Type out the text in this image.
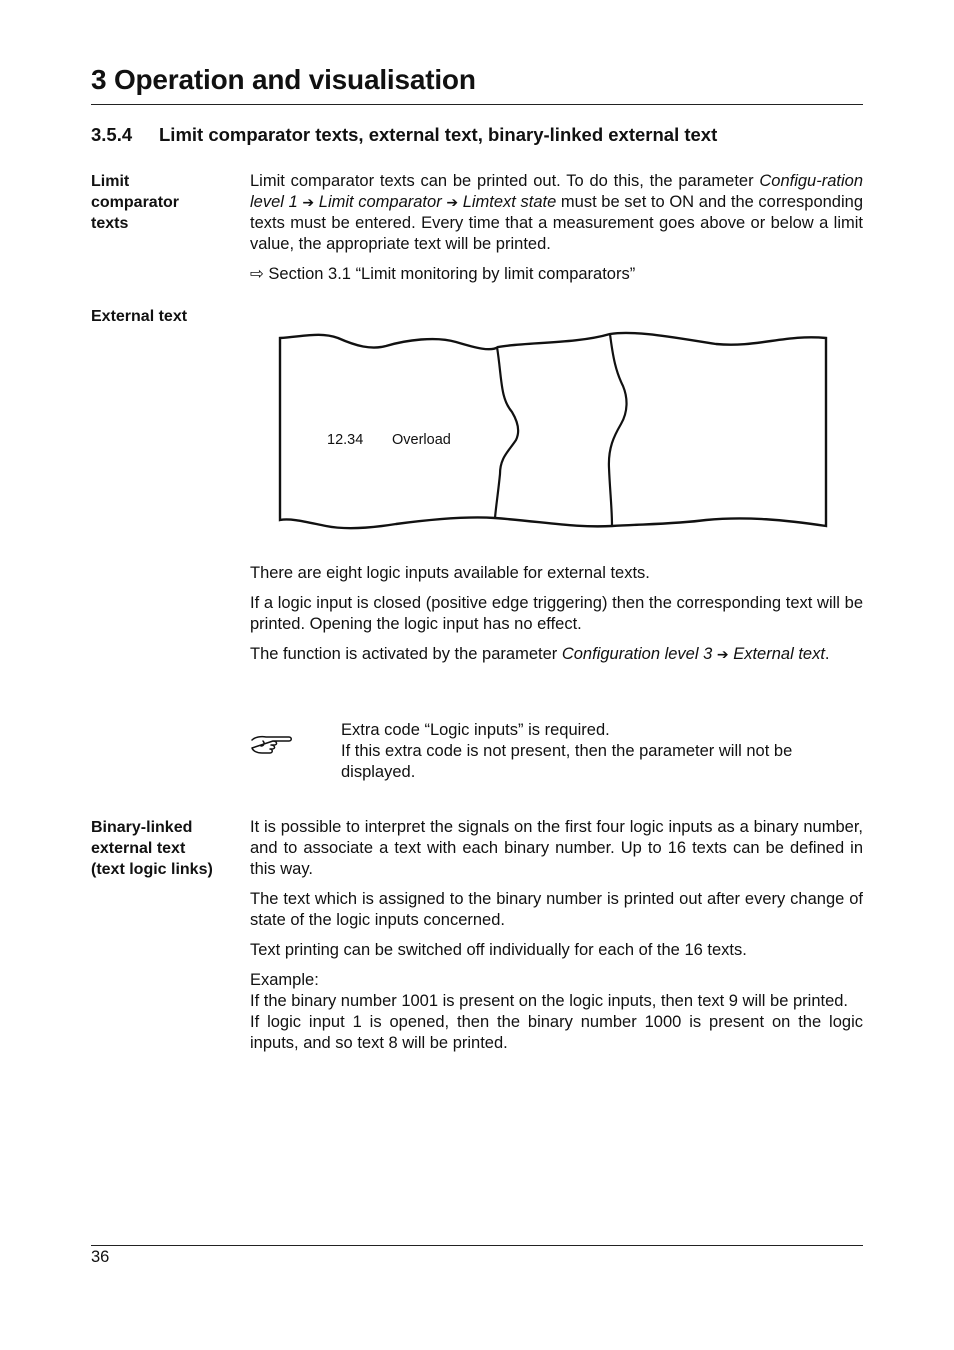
3 Operation and visualisation
3.5.4 Limit comparator texts, external text, binary-linked external text
Limit
comparator
texts

Limit comparator texts can be printed out. To do this, the parameter Configu-ration level 1 ➔ Limit comparator ➔ Limtext state must be set to ON and the corresponding texts must be entered. Every time that a measurement goes above or below a limit value, the appropriate text will be printed.

⇨ Section 3.1 “Limit monitoring by limit comparators”
External text
12.34 Overload

There are eight logic inputs available for external texts.

If a logic input is closed (positive edge triggering) then the corresponding text will be printed. Opening the logic input has no effect.

The function is activated by the parameter Configuration level 3 ➔ External text.

Extra code “Logic inputs” is required.
If this extra code is not present, then the parameter will not be displayed.
Binary-linked
external text
(text logic links)

It is possible to interpret the signals on the first four logic inputs as a binary number, and to associate a text with each binary number. Up to 16 texts can be defined in this way.

The text which is assigned to the binary number is printed out after every change of state of the logic inputs concerned.

Text printing can be switched off individually for each of the 16 texts.

Example:
If the binary number 1001 is present on the logic inputs, then text 9 will be printed.
If logic input 1 is opened, then the binary number 1000 is present on the logic inputs, and so text 8 will be printed.

36
